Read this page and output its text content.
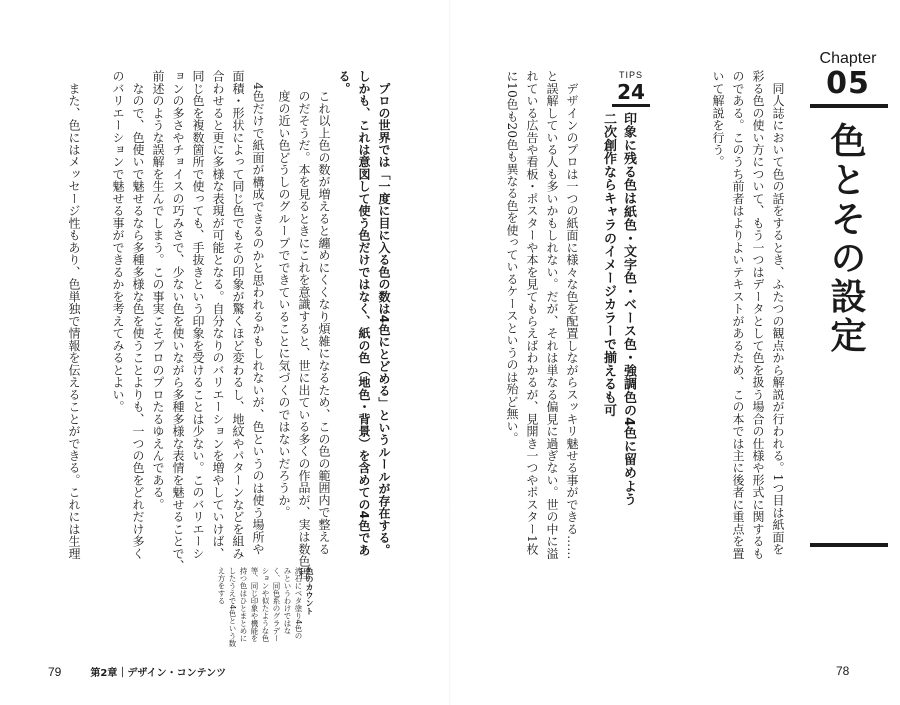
Chapter
05
色とその設定
　同人誌において色の話をするとき、ふたつの観点から解説が行われる。1つ目は紙面を
彩る色の使い方について、もう一つはデータとして色を扱う場合の仕様や形式に関するも
のである。このうち前者はよりよいテキストがあるため、この本では主に後者に重点を置
いて解説を行う。
TIPS
24
印象に残る色は紙色・文字色・ベース色・強調色の4色に留めよう
二次創作ならキャラのイメージカラーで揃えるも可
　デザインのプロは一つの紙面に様々な色を配置しながらスッキリ魅せる事ができる……
と誤解している人も多いかもしれない。だが、それは単なる偏見に過ぎない。世の中に溢
れている広告や看板・ポスターや本を見てもらえばわかるが、見開き一つやポスター1枚
に10色も20色も異なる色を使っているケースというのは殆ど無い。
78
　プロの世界では「一度に目に入る色の数は4色にとどめる」というルールが存在する。
しかも、これは意図して使う色だけではなく、紙の色（地色・背景）を含めての4色であ
る。
これ以上色の数が増えると纏めにくくなり煩雑になるため、この色の範囲内で整える
のだそうだ。本を見るときにこれを意識すると、世に出ている多くの作品が、実は数色程
度の近い色どうしのグループでできていることに気づくのではないだろうか。
　4色だけで紙面が構成できるのかと思われるかもしれないが、色というのは使う場所や
面積・形状によって同じ色でもその印象が驚くほど変わるし、地紋やパターンなどを組み
合わせると更に多様な表現が可能となる。自分なりのバリエーションを増やしていけば、
同じ色を複数箇所で使っても、手抜きという印象を受けることは少ない。このバリエーシ
ョンの多さやチョイスの巧みさで、少ない色を使いながら多種多様な表情を魅せることで、
前述のような誤解を生んでしまう。この事実こそプロのプロたるゆえんである。
　なので、色使いで魅せるなら多種多様な色を使うことよりも、一つの色をどれだけ多く
のバリエーションで魅せる事ができるかを考えてみるとよい。
　また、色にはメッセージ性もあり、色単独で情報を伝えることができる。これには生理
色のカウント
流石にベタ塗り4色の
みというわけではな
く、同色系のグラデー
ションや似たような色
等、同じ印象や機能を
持つ色はひとまとめに
したうえで4色という数
え方をする
79	第2章｜デザイン・コンテンツ
